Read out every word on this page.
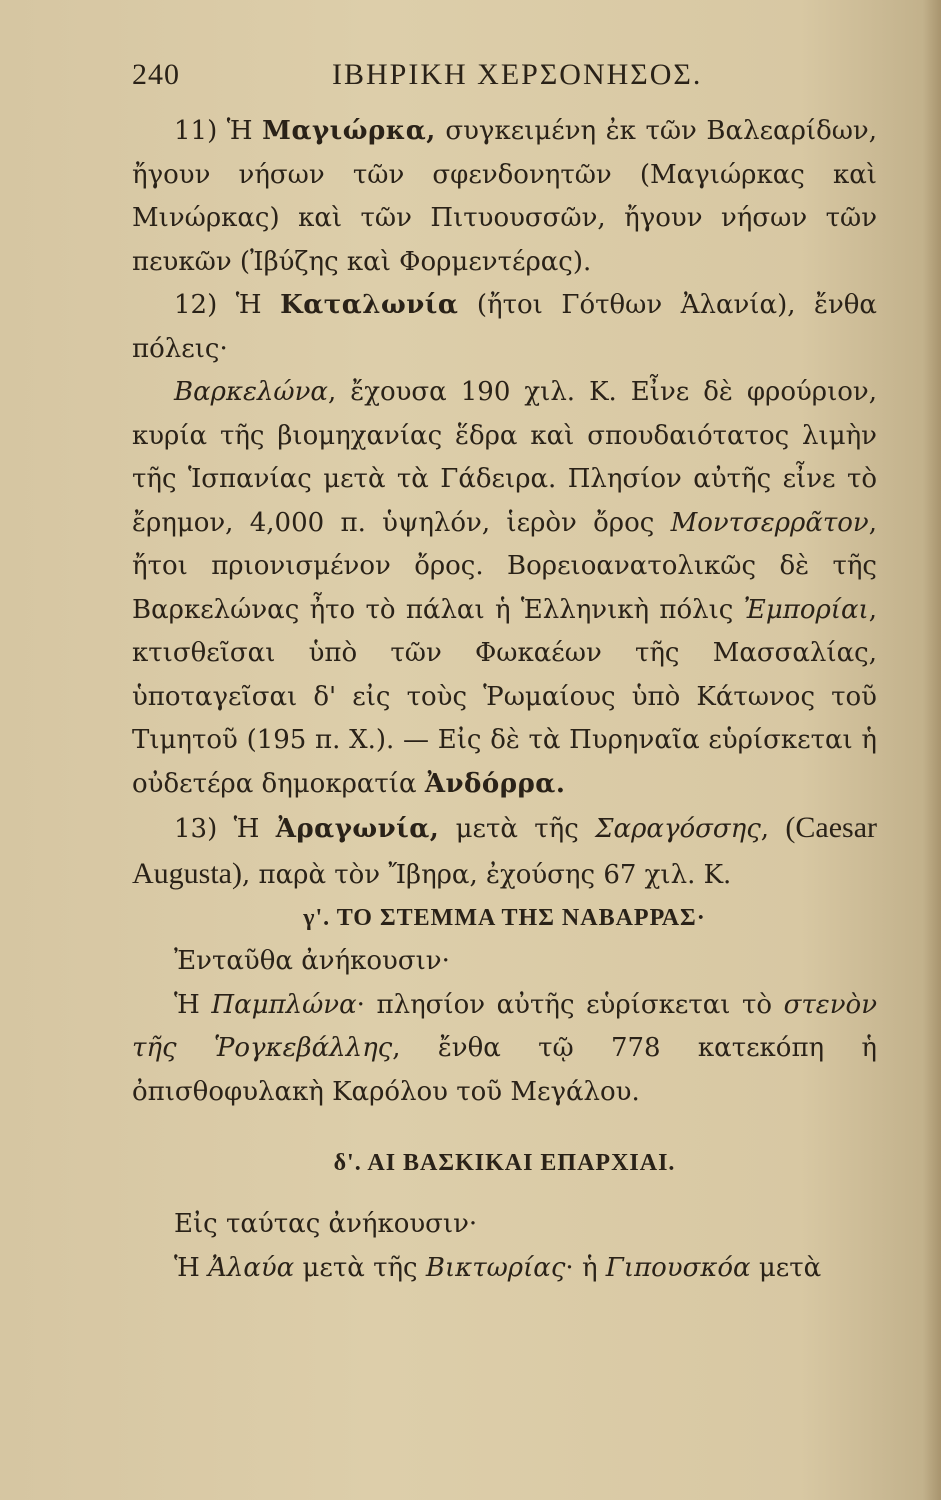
240	ΙΒΗΡΙΚΗ ΧΕΡΣΟΝΗΣΟΣ.

11) Ἡ Μαγιώρκα, συγκειμένη ἐκ τῶν Βαλεαρίδων, ἤγουν νήσων τῶν σφενδονητῶν (Μαγιώρκας καὶ Μινώρκας) καὶ τῶν Πιτυουσσῶν, ἤγουν νήσων τῶν πευκῶν (Ἰβύζης καὶ Φορμεντέρας).

12) Ἡ Καταλωνία (ἤτοι Γότθων Ἀλανία), ἔνθα πόλεις·

Βαρκελώνα, ἔχουσα 190 χιλ. Κ. Εἶνε δὲ φρούριον, κυρία τῆς βιομηχανίας ἕδρα καὶ σπουδαιότατος λιμὴν τῆς Ἱσπανίας μετὰ τὰ Γάδειρα. Πλησίον αὐτῆς εἶνε τὸ ἔρημον, 4,000 π. ὑψηλόν, ἱερὸν ὄρος Μοντσερρᾶτον, ἤτοι πριονισμένον ὄρος. Βορειοανατολικῶς δὲ τῆς Βαρκελώνας ἦτο τὸ πάλαι ἡ Ἑλληνικὴ πόλις Ἐμπορίαι, κτισθεῖσαι ὑπὸ τῶν Φωκαέων τῆς Μασσαλίας, ὑποταγεῖσαι δ' εἰς τοὺς Ῥωμαίους ὑπὸ Κάτωνος τοῦ Τιμητοῦ (195 π. Χ.). — Εἰς δὲ τὰ Πυρηναῖα εὑρίσκεται ἡ οὐδετέρα δημοκρατία Ἀνδόρρα.

13) Ἡ Ἀραγωνία, μετὰ τῆς Σαραγόσσης, (Caesar Augusta), παρὰ τὸν Ἴβηρα, ἐχούσης 67 χιλ. Κ.

γ'. ΤΟ ΣΤΕΜΜΑ ΤΗΣ ΝΑΒΑΡΡΑΣ·

Ἐνταῦθα ἀνήκουσιν·

Ἡ Παμπλώνα· πλησίον αὐτῆς εὑρίσκεται τὸ στενὸν τῆς Ῥογκεβάλλης, ἔνθα τῷ 778 κατεκόπη ἡ ὀπισθοφυλακὴ Καρόλου τοῦ Μεγάλου.

δ'. ΑΙ ΒΑΣΚΙΚΑΙ ΕΠΑΡΧΙΑΙ.

Εἰς ταύτας ἀνήκουσιν·

Ἡ Ἀλαύα μετὰ τῆς Βικτωρίας· ἡ Γιπουσκόα μετὰ
